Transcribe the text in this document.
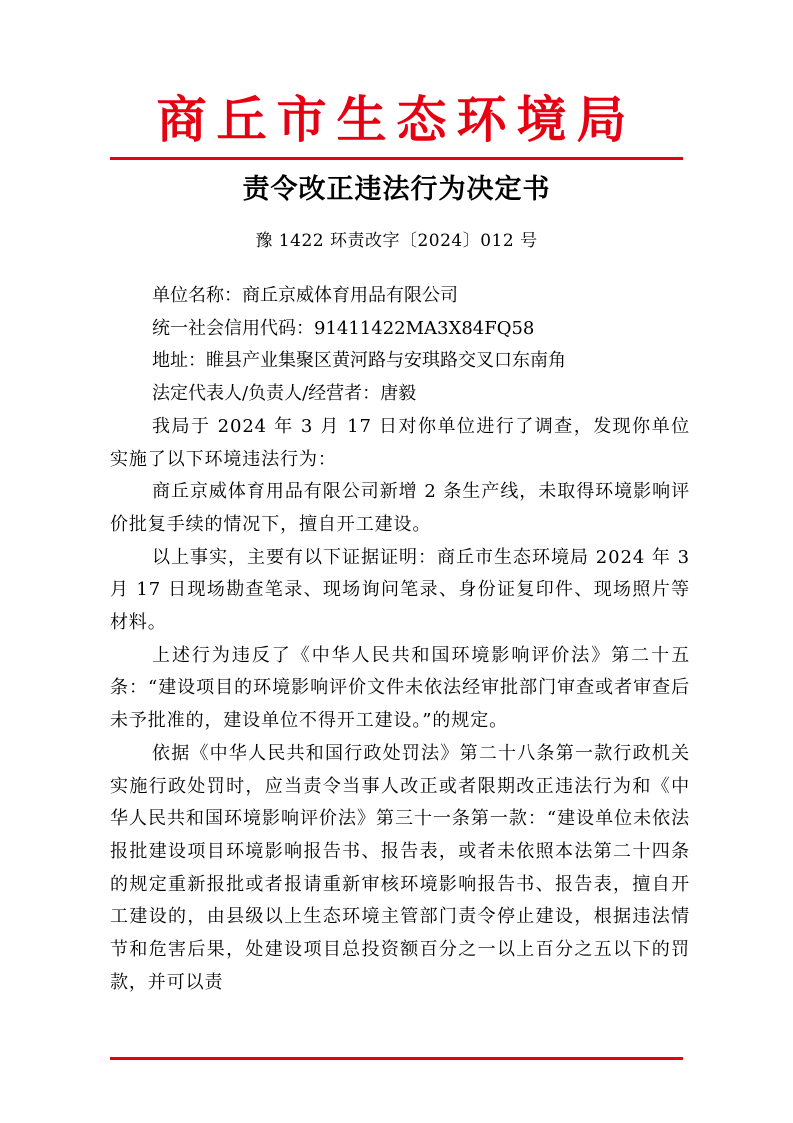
商丘市生态环境局
责令改正违法行为决定书
豫 1422 环责改字〔2024〕012 号

单位名称：商丘京威体育用品有限公司

统一社会信用代码：91411422MA3X84FQ58

地址：睢县产业集聚区黄河路与安琪路交叉口东南角

法定代表人/负责人/经营者：唐毅

我局于 2024 年 3 月 17 日对你单位进行了调查，发现你单位实施了以下环境违法行为：

商丘京威体育用品有限公司新增 2 条生产线，未取得环境影响评价批复手续的情况下，擅自开工建设。

以上事实，主要有以下证据证明：商丘市生态环境局 2024 年 3 月 17 日现场勘查笔录、现场询问笔录、身份证复印件、现场照片等材料。

上述行为违反了《中华人民共和国环境影响评价法》第二十五条：“建设项目的环境影响评价文件未依法经审批部门审查或者审查后未予批准的，建设单位不得开工建设。”的规定。

依据《中华人民共和国行政处罚法》第二十八条第一款行政机关实施行政处罚时，应当责令当事人改正或者限期改正违法行为和《中华人民共和国环境影响评价法》第三十一条第一款：“建设单位未依法报批建设项目环境影响报告书、报告表，或者未依照本法第二十四条的规定重新报批或者报请重新审核环境影响报告书、报告表，擅自开工建设的，由县级以上生态环境主管部门责令停止建设，根据违法情节和危害后果，处建设项目总投资额百分之一以上百分之五以下的罚款，并可以责
